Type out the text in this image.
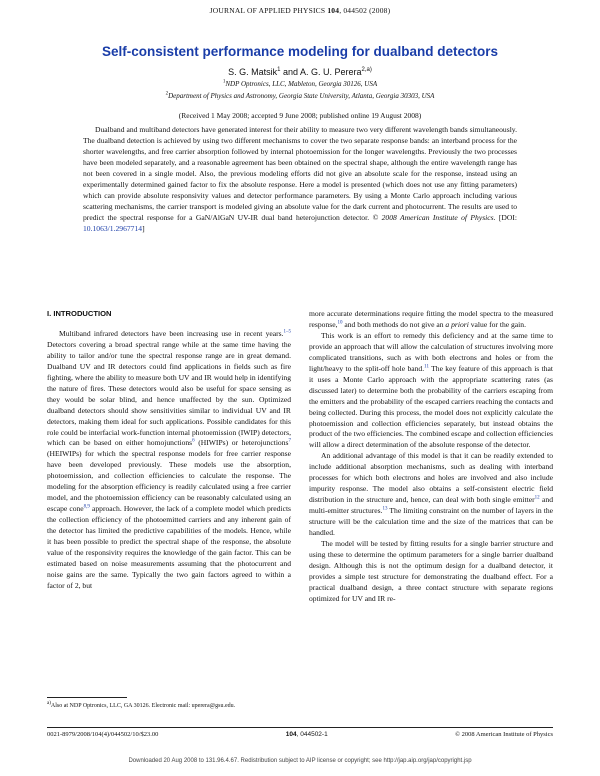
JOURNAL OF APPLIED PHYSICS 104, 044502 (2008)
Self-consistent performance modeling for dualband detectors
S. G. Matsik$^1$ and A. G. U. Perera$^{2,a)}$
$^1$NDP Optronics, LLC, Mableton, Georgia 30126, USA
$^2$Department of Physics and Astronomy, Georgia State University, Atlanta, Georgia 30303, USA
(Received 1 May 2008; accepted 9 June 2008; published online 19 August 2008)
Dualband and multiband detectors have generated interest for their ability to measure two very different wavelength bands simultaneously. The dualband detection is achieved by using two different mechanisms to cover the two separate response bands: an interband process for the shorter wavelengths, and free carrier absorption followed by internal photoemission for the longer wavelengths. Previously the two processes have been modeled separately, and a reasonable agreement has been obtained on the spectral shape, although the entire wavelength range has not been covered in a single model. Also, the previous modeling efforts did not give an absolute scale for the response, instead using an experimentally determined gained factor to fix the absolute response. Here a model is presented (which does not use any fitting parameters) which can provide absolute responsivity values and detector performance parameters. By using a Monte Carlo approach including various scattering mechanisms, the carrier transport is modeled giving an absolute value for the dark current and photocurrent. The results are used to predict the spectral response for a GaN/AlGaN UV-IR dual band heterojunction detector. © 2008 American Institute of Physics. [DOI: 10.1063/1.2967714]

I. INTRODUCTION

Multiband infrared detectors have been increasing use in recent years.$^{1-5}$ Detectors covering a broad spectral range while at the same time having the ability to tailor and/or tune the spectral response range are in great demand. Dualband UV and IR detectors could find applications in fields such as fire fighting, where the ability to measure both UV and IR would help in identifying the nature of fires. These detectors would also be useful for space sensing as they would be solar blind, and hence unaffected by the sun. Optimized dualband detectors should show sensitivities similar to individual UV and IR detectors, making them ideal for such applications. Possible candidates for this role could be interfacial work-function internal photoemission (IWIP) detectors, which can be based on either homojunctions$^6$ (HIWIPs) or heterojunctions$^7$ (HEIWIPs) for which the spectral response models for free carrier response have been developed previously. These models use the absorption, photoemission, and collection efficiencies to calculate the response. The modeling for the absorption efficiency is readily calculated using a free carrier model, and the photoemission efficiency can be reasonably calculated using an escape cone$^{8,9}$ approach. However, the lack of a complete model which predicts the collection efficiency of the photoemitted carriers and any inherent gain of the detector has limited the predictive capabilities of the models. Hence, while it has been possible to predict the spectral shape of the response, the absolute value of the responsivity requires the knowledge of the gain factor. This can be estimated based on noise measurements assuming that the photocurrent and noise gains are the same. Typically the two gain factors agreed to within a factor of 2, but

more accurate determinations require fitting the model spectra to the measured response,$^{10}$ and both methods do not give an a priori value for the gain.

This work is an effort to remedy this deficiency and at the same time to provide an approach that will allow the calculation of structures involving more complicated transitions, such as with both electrons and holes or from the light/heavy to the split-off hole band.$^{11}$ The key feature of this approach is that it uses a Monte Carlo approach with the appropriate scattering rates (as discussed later) to determine both the probability of the carriers escaping from the emitters and the probability of the escaped carriers reaching the contacts and being collected. During this process, the model does not explicitly calculate the photoemission and collection efficiencies separately, but instead obtains the product of the two efficiencies. The combined escape and collection efficiencies will allow a direct determination of the absolute response of the detector.

An additional advantage of this model is that it can be readily extended to include additional absorption mechanisms, such as dealing with interband processes for which both electrons and holes are involved and also include impurity response. The model also obtains a self-consistent electric field distribution in the structure and, hence, can deal with both single emitter$^{12}$ and multi-emitter structures.$^{13}$ The limiting constraint on the number of layers in the structure will be the calculation time and the size of the matrices that can be handled.

The model will be tested by fitting results for a single barrier structure and using these to determine the optimum parameters for a single barrier dualband design. Although this is not the optimum design for a dualband detector, it provides a simple test structure for demonstrating the dualband effect. For a practical dualband design, a three contact structure with separate regions optimized for UV and IR re-

$^{a)}$Also at NDP Optronics, LLC, GA 30126. Electronic mail: uperera@gsu.edu.
0021-8979/2008/104(4)/044502/10/$23.00	104, 044502-1	© 2008 American Institute of Physics
Downloaded 20 Aug 2008 to 131.96.4.67. Redistribution subject to AIP license or copyright; see http://jap.aip.org/jap/copyright.jsp
